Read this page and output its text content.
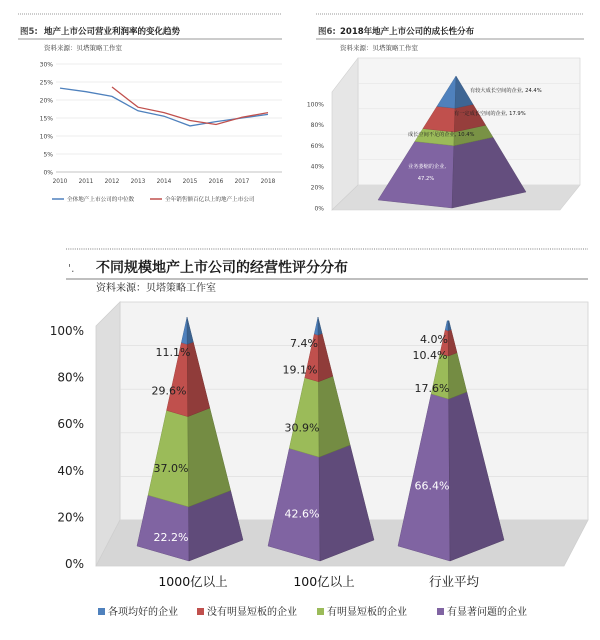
图5: 地产上市公司营业利润率的变化趋势
资料来源：贝塔策略工作室
0%
5%
10%
15%
20%
25%
30%
2010 2011 2012 2013 2014 2015 2016 2017 2018
全体地产上市公司的中位数	全年销售额百亿以上的地产上市公司
图6: 2018年地产上市公司的成长性分布
资料来源：贝塔策略工作室
0%
20%
40%
60%
80%
100%
有较大成长空间的企业, 24.4%
有一定成长空间的企业, 17.9%
成长空间不足的企业, 10.4%
业务萎缩的企业,
47.2%
'. 不同规模地产上市公司的经营性评分分布
资料来源：贝塔策略工作室
0%
20%
40%
60%
80%
100%
22.2%
37.0%
29.6%
11.1%
1000亿以上
42.6%
30.9%
19.1%
7.4%
100亿以上
66.4%
17.6%
10.4%
4.0%
行业平均
各项均好的企业	没有明显短板的企业	有明显短板的企业	有显著问题的企业
